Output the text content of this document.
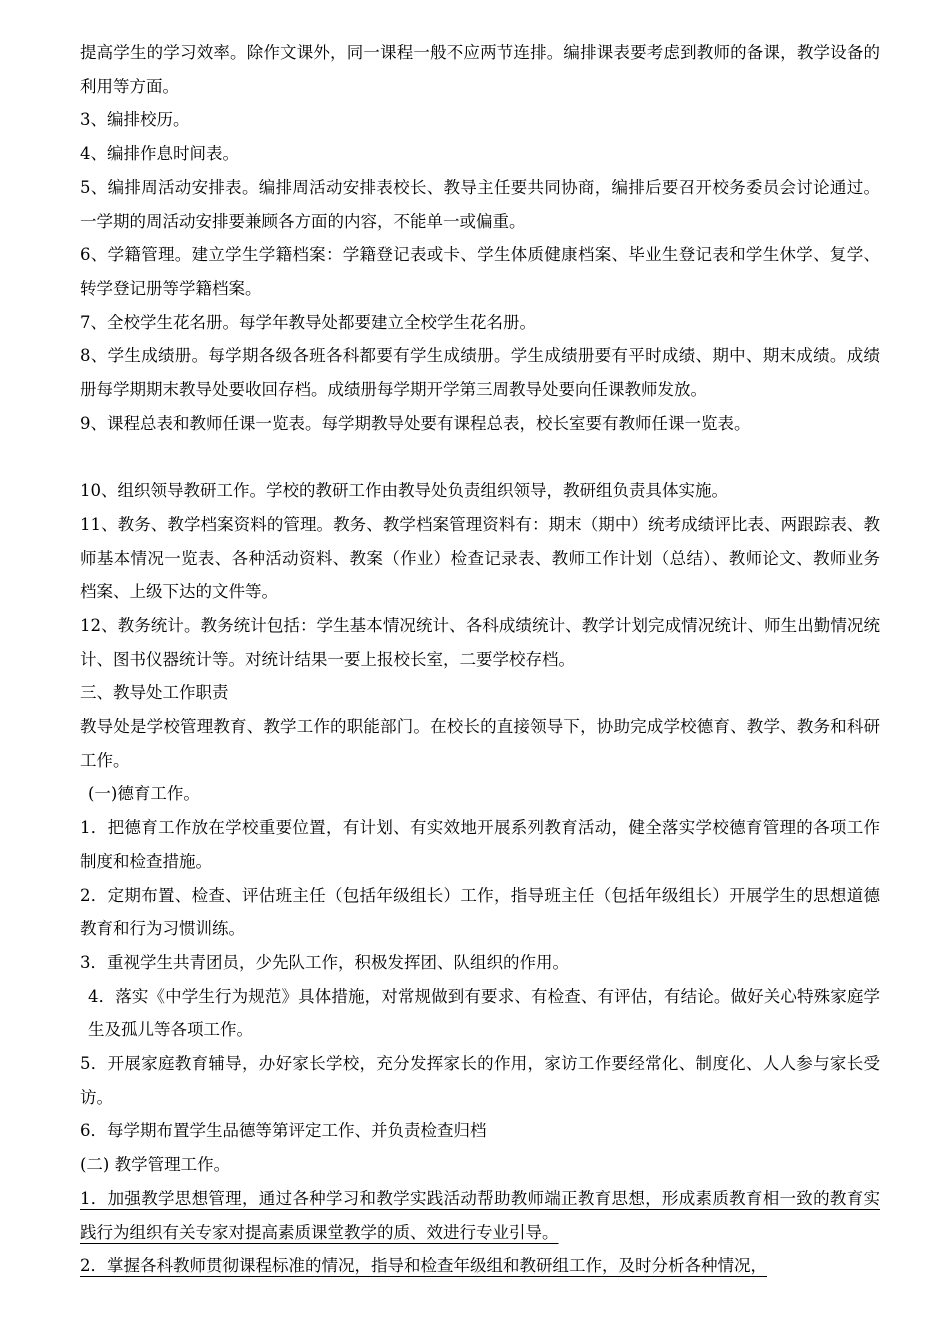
提高学生的学习效率。除作文课外，同一课程一般不应两节连排。编排课表要考虑到教师的备课，教学设备的利用等方面。

3、编排校历。

4、编排作息时间表。

5、编排周活动安排表。编排周活动安排表校长、教导主任要共同协商，编排后要召开校务委员会讨论通过。一学期的周活动安排要兼顾各方面的内容，不能单一或偏重。

6、学籍管理。建立学生学籍档案：学籍登记表或卡、学生体质健康档案、毕业生登记表和学生休学、复学、转学登记册等学籍档案。

7、全校学生花名册。每学年教导处都要建立全校学生花名册。

8、学生成绩册。每学期各级各班各科都要有学生成绩册。学生成绩册要有平时成绩、期中、期末成绩。成绩册每学期期末教导处要收回存档。成绩册每学期开学第三周教导处要向任课教师发放。

9、课程总表和教师任课一览表。每学期教导处要有课程总表，校长室要有教师任课一览表。

10、组织领导教研工作。学校的教研工作由教导处负责组织领导，教研组负责具体实施。

11、教务、教学档案资料的管理。教务、教学档案管理资料有：期末（期中）统考成绩评比表、两跟踪表、教师基本情况一览表、各种活动资料、教案（作业）检查记录表、教师工作计划（总结）、教师论文、教师业务档案、上级下达的文件等。

12、教务统计。教务统计包括：学生基本情况统计、各科成绩统计、教学计划完成情况统计、师生出勤情况统计、图书仪器统计等。对统计结果一要上报校长室，二要学校存档。

三、教导处工作职责

教导处是学校管理教育、教学工作的职能部门。在校长的直接领导下，协助完成学校德育、教学、教务和科研工作。

(一)德育工作。

1．把德育工作放在学校重要位置，有计划、有实效地开展系列教育活动，健全落实学校德育管理的各项工作制度和检查措施。

2．定期布置、检查、评估班主任（包括年级组长）工作，指导班主任（包括年级组长）开展学生的思想道德教育和行为习惯训练。

3．重视学生共青团员，少先队工作，积极发挥团、队组织的作用。

4．落实《中学生行为规范》具体措施，对常规做到有要求、有检查、有评估，有结论。做好关心特殊家庭学生及孤儿等各项工作。

5．开展家庭教育辅导，办好家长学校，充分发挥家长的作用，家访工作要经常化、制度化、人人参与家长受访。

6．每学期布置学生品德等第评定工作、并负责检查归档

(二) 教学管理工作。

1．加强教学思想管理，通过各种学习和教学实践活动帮助教师端正教育思想，形成素质教育相一致的教育实践行为组织有关专家对提高素质课堂教学的质、效进行专业引导。

2．掌握各科教师贯彻课程标准的情况，指导和检查年级组和教研组工作，及时分析各种情况，
